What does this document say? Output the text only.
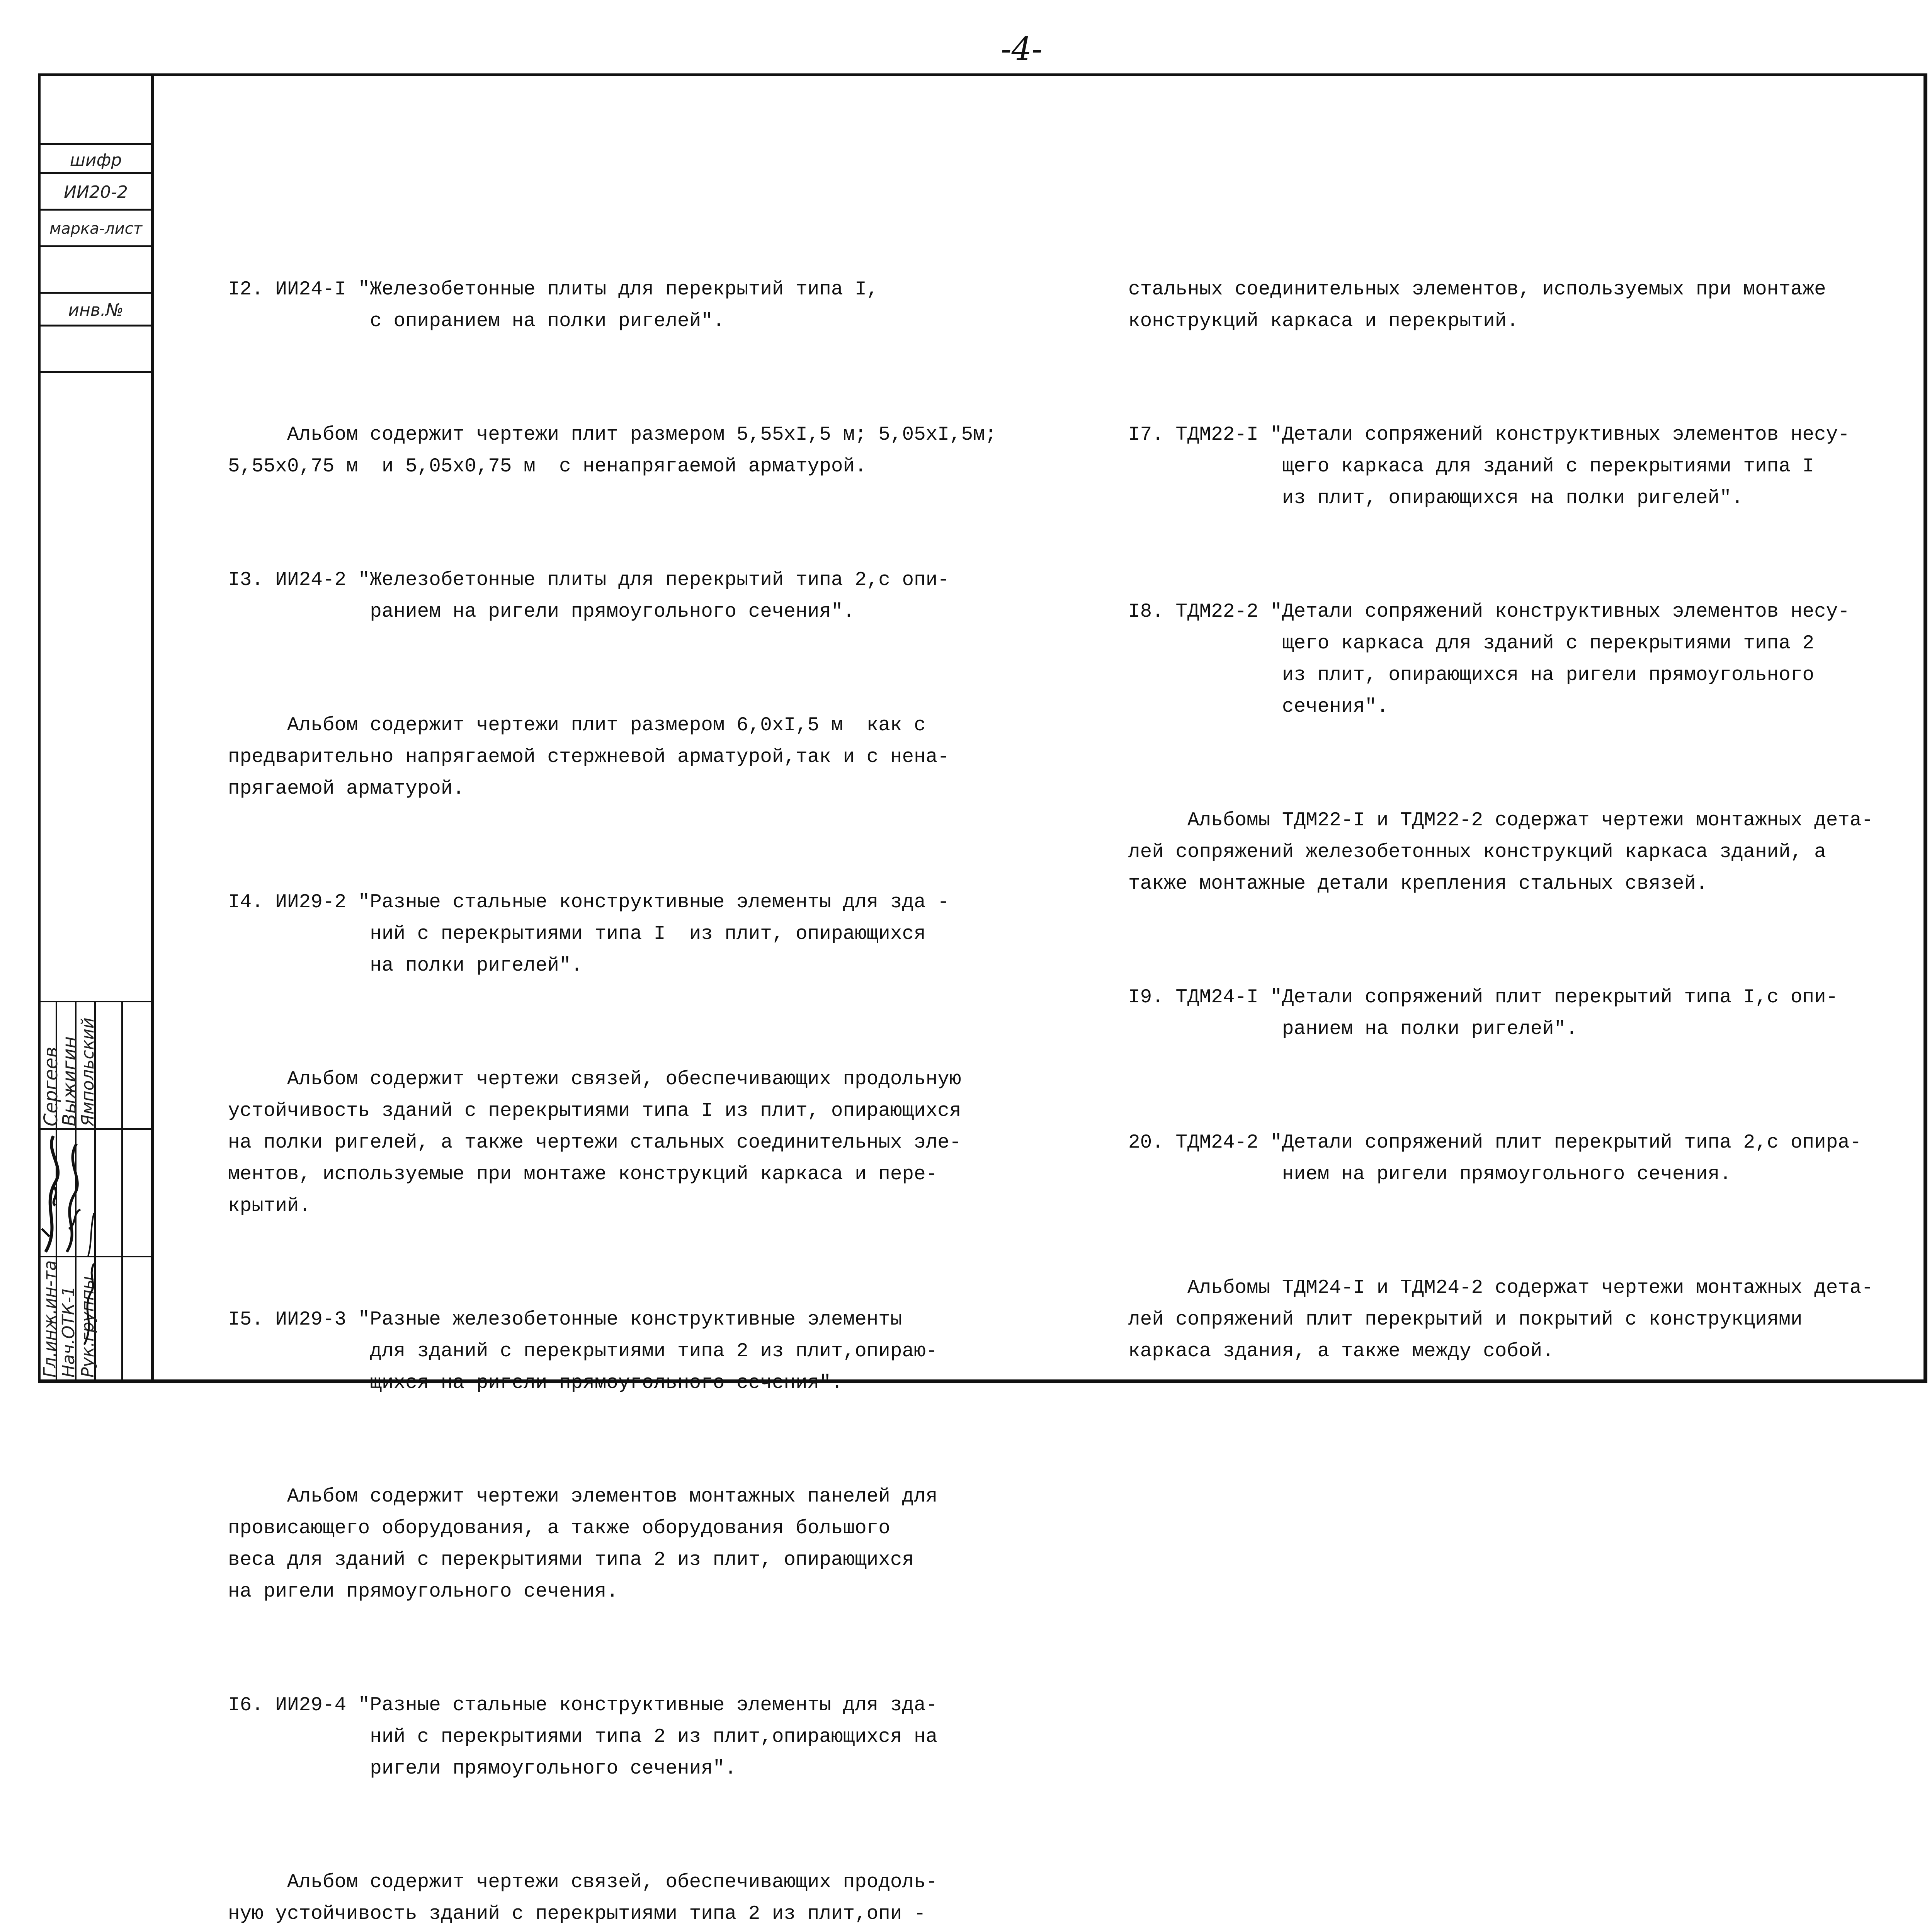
-4-
шифр
ИИ20-2
марка-лист
инв.№
Гл.инж.ин-та
Нач.ОТК-1 Рук.группы
Сергеев
Выжигин
Ямпольский

I2. ИИ24-I "Железобетонные плиты для перекрытий типа I,
с опиранием на полки ригелей".

Альбом содержит чертежи плит размером 5,55хI,5 м; 5,05хI,5м;
5,55х0,75 м  и 5,05х0,75 м  с ненапрягаемой арматурой.

I3. ИИ24-2 "Железобетонные плиты для перекрытий типа 2,с опи-
ранием на ригели прямоугольного сечения".

Альбом содержит чертежи плит размером 6,0хI,5 м  как с
предварительно напрягаемой стержневой арматурой,так и с нена-
прягаемой арматурой.

I4. ИИ29-2 "Разные стальные конструктивные элементы для зда -
ний с перекрытиями типа I  из плит, опирающихся
на полки ригелей".

Альбом содержит чертежи связей, обеспечивающих продольную
устойчивость зданий с перекрытиями типа I из плит, опирающихся
на полки ригелей, а также чертежи стальных соединительных эле-
ментов, используемые при монтаже конструкций каркаса и пере-
крытий.

I5. ИИ29-3 "Разные железобетонные конструктивные элементы
для зданий с перекрытиями типа 2 из плит,опираю-
щихся на ригели прямоугольного сечения".

Альбом содержит чертежи элементов монтажных панелей для
провисающего оборудования, а также оборудования большого
веса для зданий с перекрытиями типа 2 из плит, опирающихся
на ригели прямоугольного сечения.

I6. ИИ29-4 "Разные стальные конструктивные элементы для зда-
ний с перекрытиями типа 2 из плит,опирающихся на
ригели прямоугольного сечения".

Альбом содержит чертежи связей, обеспечивающих продоль-
ную устойчивость зданий с перекрытиями типа 2 из плит,опи -

стальных соединительных элементов, используемых при монтаже
конструкций каркаса и перекрытий.

I7. ТДМ22-I "Детали сопряжений конструктивных элементов несу-
щего каркаса для зданий с перекрытиями типа I
из плит, опирающихся на полки ригелей".

I8. ТДМ22-2 "Детали сопряжений конструктивных элементов несу-
щего каркаса для зданий с перекрытиями типа 2
из плит, опирающихся на ригели прямоугольного
сечения".

Альбомы ТДМ22-I и ТДМ22-2 содержат чертежи монтажных дета-
лей сопряжений железобетонных конструкций каркаса зданий, а
также монтажные детали крепления стальных связей.

I9. ТДМ24-I "Детали сопряжений плит перекрытий типа I,с опи-
ранием на полки ригелей".

20. ТДМ24-2 "Детали сопряжений плит перекрытий типа 2,с опира-
нием на ригели прямоугольного сечения.

Альбомы ТДМ24-I и ТДМ24-2 содержат чертежи монтажных дета-
лей сопряжений плит перекрытий и покрытий с конструкциями
каркаса здания, а также между собой.
